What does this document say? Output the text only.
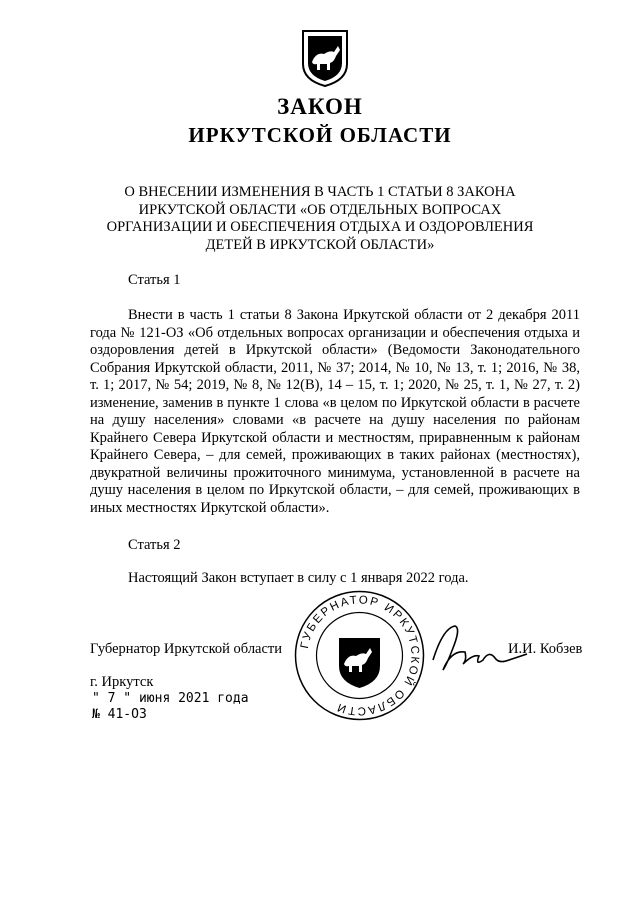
ЗАКОН
ИРКУТСКОЙ ОБЛАСТИ
О ВНЕСЕНИИ ИЗМЕНЕНИЯ В ЧАСТЬ 1 СТАТЬИ 8 ЗАКОНА ИРКУТСКОЙ ОБЛАСТИ «ОБ ОТДЕЛЬНЫХ ВОПРОСАХ ОРГАНИЗАЦИИ И ОБЕСПЕЧЕНИЯ ОТДЫХА И ОЗДОРОВЛЕНИЯ ДЕТЕЙ В ИРКУТСКОЙ ОБЛАСТИ»
Статья 1

Внести в часть 1 статьи 8 Закона Иркутской области от 2 декабря 2011 года № 121-ОЗ «Об отдельных вопросах организации и обеспечения отдыха и оздоровления детей в Иркутской области» (Ведомости Законодательного Собрания Иркутской области, 2011, № 37; 2014, № 10, № 13, т. 1; 2016, № 38, т. 1; 2017, № 54; 2019, № 8, № 12(В), 14 – 15, т. 1; 2020, № 25, т. 1, № 27, т. 2) изменение, заменив в пункте 1 слова «в целом по Иркутской области в расчете на душу населения» словами «в расчете на душу населения по районам Крайнего Севера Иркутской области и местностям, приравненным к районам Крайнего Севера, – для семей, проживающих в таких районах (местностях), двукратной величины прожиточного минимума, установленной в расчете на душу населения в целом по Иркутской области, – для семей, проживающих в иных местностях Иркутской области».

Статья 2

Настоящий Закон вступает в силу с 1 января 2022 года.

ГУБЕРНАТОР ИРКУТСКОЙ ОБЛАСТИ
Губернатор Иркутской области	И.И. Кобзев
г. Иркутск
" 7 " июня 2021 года
№ 41-ОЗ
